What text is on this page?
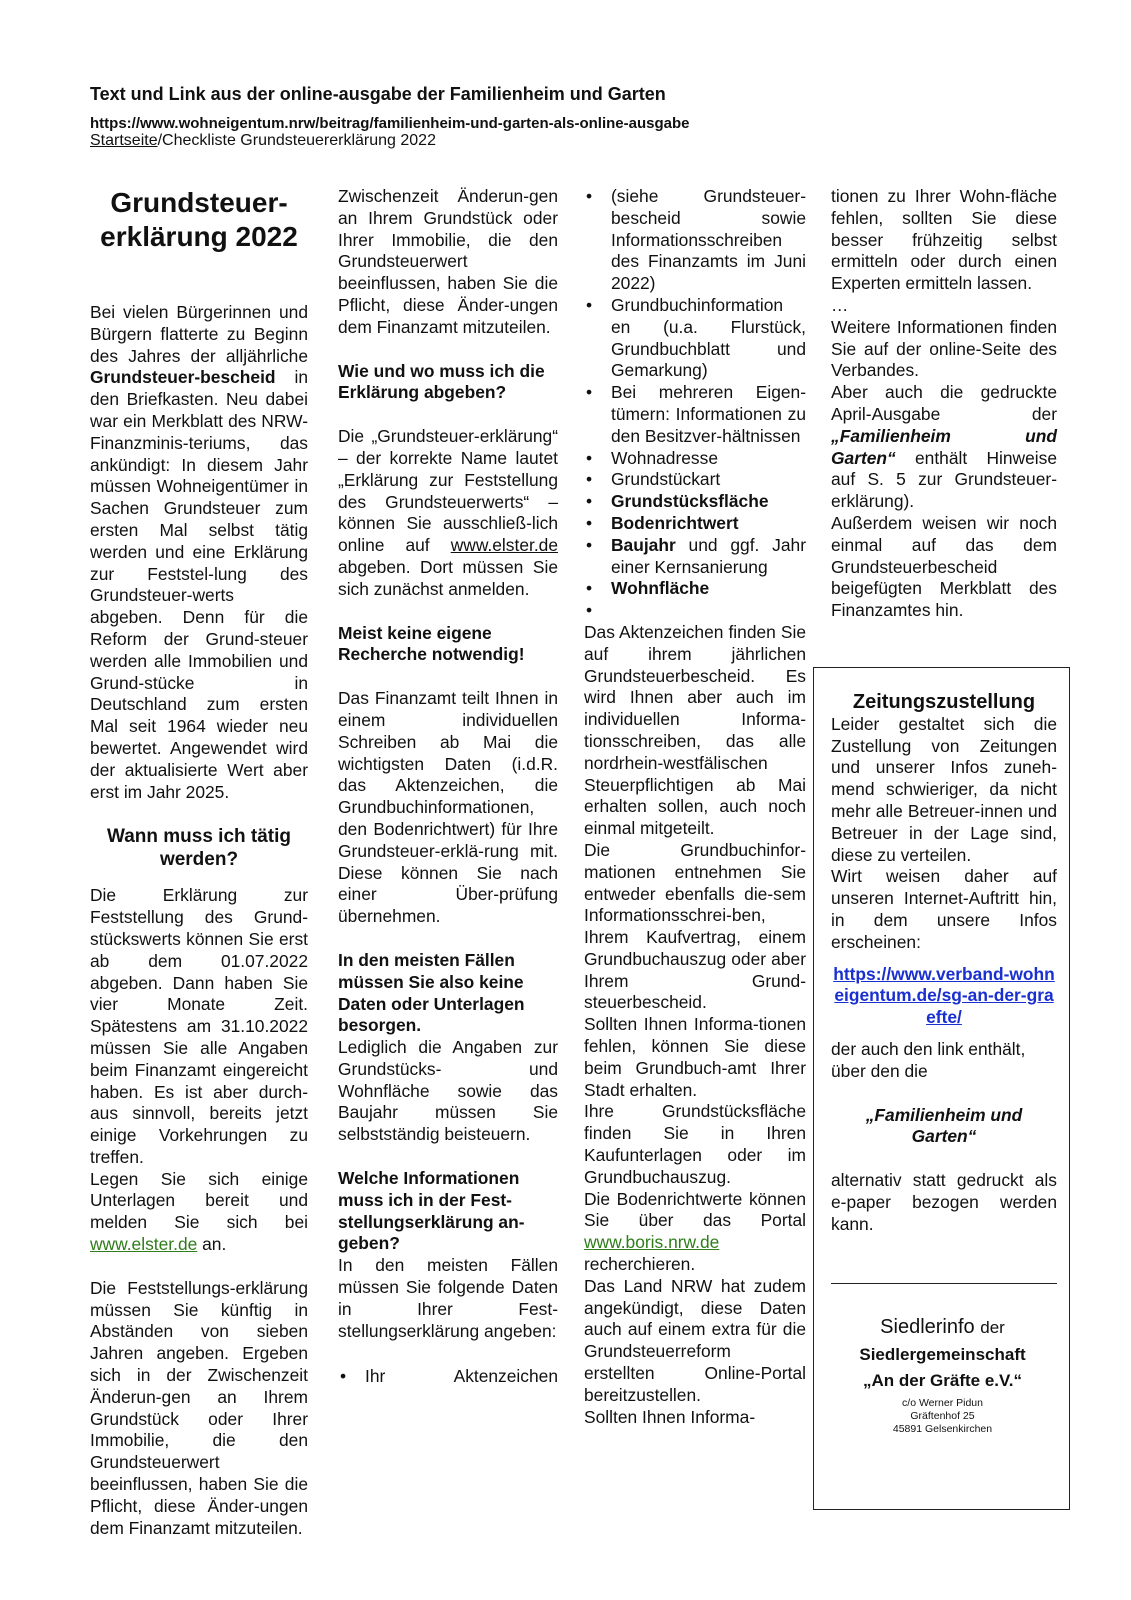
Text und Link aus der online-ausgabe der Familienheim und Garten

https://www.wohneigentum.nrw/beitrag/familienheim-und-garten-als-online-ausgabe

Startseite/Checkliste Grundsteuererklärung 2022

Grundsteuer-erklärung 2022

Bei vielen Bürgerinnen und Bürgern flatterte zu Beginn des Jahres der alljährliche Grundsteuer-bescheid in den Briefkasten. Neu dabei war ein Merkblatt des NRW-Finanzminis-teriums, das ankündigt: In diesem Jahr müssen Wohneigentümer in Sachen Grundsteuer zum ersten Mal selbst tätig werden und eine Erklärung zur Feststel-lung des Grundsteuer-werts abgeben. Denn für die Reform der Grund-steuer werden alle Immobilien und Grund-stücke in Deutschland zum ersten Mal seit 1964 wieder neu bewertet. Angewendet wird der aktualisierte Wert aber erst im Jahr 2025.

Wann muss ich tätig werden?

Die Erklärung zur Feststellung des Grund-stückswerts können Sie erst ab dem 01.07.2022 abgeben. Dann haben Sie vier Monate Zeit. Spätestens am 31.10.2022 müssen Sie alle Angaben beim Finanzamt eingereicht haben. Es ist aber durch-aus sinnvoll, bereits jetzt einige Vorkehrungen zu treffen.

Legen Sie sich einige Unterlagen bereit und melden Sie sich bei www.elster.de an.

Die Feststellungs-erklärung müssen Sie künftig in Abständen von sieben Jahren angeben. Ergeben sich in der Zwischenzeit Änderun-gen an Ihrem Grundstück oder Ihrer Immobilie, die den Grundsteuerwert beeinflussen, haben Sie die Pflicht, diese Änder-ungen dem Finanzamt mitzuteilen.

Zwischenzeit Änderun-gen an Ihrem Grundstück oder Ihrer Immobilie, die den Grundsteuerwert beeinflussen, haben Sie die Pflicht, diese Änder-ungen dem Finanzamt mitzuteilen.

Wie und wo muss ich die Erklärung abgeben?

Die „Grundsteuer-erklärung“ – der korrekte Name lautet „Erklärung zur Feststellung des Grundsteuerwerts“ – können Sie ausschließ-lich online auf www.elster.de abgeben. Dort müssen Sie sich zunächst anmelden.

Meist keine eigene Recherche notwendig!

Das Finanzamt teilt Ihnen in einem individuellen Schreiben ab Mai die wichtigsten Daten (i.d.R. das Aktenzeichen, die Grundbuchinformationen, den Bodenrichtwert) für Ihre Grundsteuer-erklä-rung mit. Diese können Sie nach einer Über-prüfung übernehmen.

In den meisten Fällen müssen Sie also keine Daten oder Unterlagen besorgen.

Lediglich die Angaben zur Grundstücks- und Wohnfläche sowie das Baujahr müssen Sie selbstständig beisteuern.

Welche Informationen muss ich in der Fest-stellungserklärung an-geben?

In den meisten Fällen müssen Sie folgende Daten in Ihrer Fest-stellungserklärung angeben:

• Ihr Aktenzeichen
• (siehe Grundsteuer-bescheid sowie Informationsschreiben des Finanzamts im Juni 2022)
• Grundbuchinformation en (u.a. Flurstück, Grundbuchblatt und Gemarkung)
• Bei mehreren Eigen-tümern: Informationen zu den Besitzver-hältnissen
• Wohnadresse
• Grundstückart
• Grundstücksfläche
• Bodenrichtwert
• Baujahr und ggf. Jahr einer Kernsanierung
• Wohnfläche
•

Das Aktenzeichen finden Sie auf ihrem jährlichen Grundsteuerbescheid. Es wird Ihnen aber auch im individuellen Informa-tionsschreiben, das alle nordrhein-westfälischen Steuerpflichtigen ab Mai erhalten sollen, auch noch einmal mitgeteilt.

Die Grundbuchinfor-mationen entnehmen Sie entweder ebenfalls die-sem Informationsschrei-ben, Ihrem Kaufvertrag, einem Grundbuchauszug oder aber Ihrem Grund-steuerbescheid.

Sollten Ihnen Informa-tionen fehlen, können Sie diese beim Grundbuch-amt Ihrer Stadt erhalten.

Ihre Grundstücksfläche finden Sie in Ihren Kaufunterlagen oder im Grundbuchauszug.

Die Bodenrichtwerte können Sie über das Portal www.boris.nrw.de recherchieren.

Das Land NRW hat zudem angekündigt, diese Daten auch auf einem extra für die Grundsteuerreform erstellten Online-Portal bereitzustellen.

Sollten Ihnen Informa-

tionen zu Ihrer Wohn-fläche fehlen, sollten Sie diese besser frühzeitig selbst ermitteln oder durch einen Experten ermitteln lassen.

…

Weitere Informationen finden Sie auf der online-Seite des Verbandes.

Aber auch die gedruckte April-Ausgabe der „Familienheim und Garten“ enthält Hinweise auf S. 5 zur Grundsteuer-erklärung).

Außerdem weisen wir noch einmal auf das dem Grundsteuerbescheid beigefügten Merkblatt des Finanzamtes hin.

Zeitungszustellung

Leider gestaltet sich die Zustellung von Zeitungen und unserer Infos zuneh-mend schwieriger, da nicht mehr alle Betreuer-innen und Betreuer in der Lage sind, diese zu verteilen.

Wirt weisen daher auf unseren Internet-Auftritt hin, in dem unsere Infos erscheinen:

https://www.verband-wohneigentum.de/sg-an-der-graefte/

der auch den link enthält, über den die

„Familienheim und Garten“

alternativ statt gedruckt als e-paper bezogen werden kann.

Siedlerinfo der
Siedlergemeinschaft
„An der Gräfte e.V.“
c/o Werner Pidun
Gräftenhof 25
45891 Gelsenkirchen
